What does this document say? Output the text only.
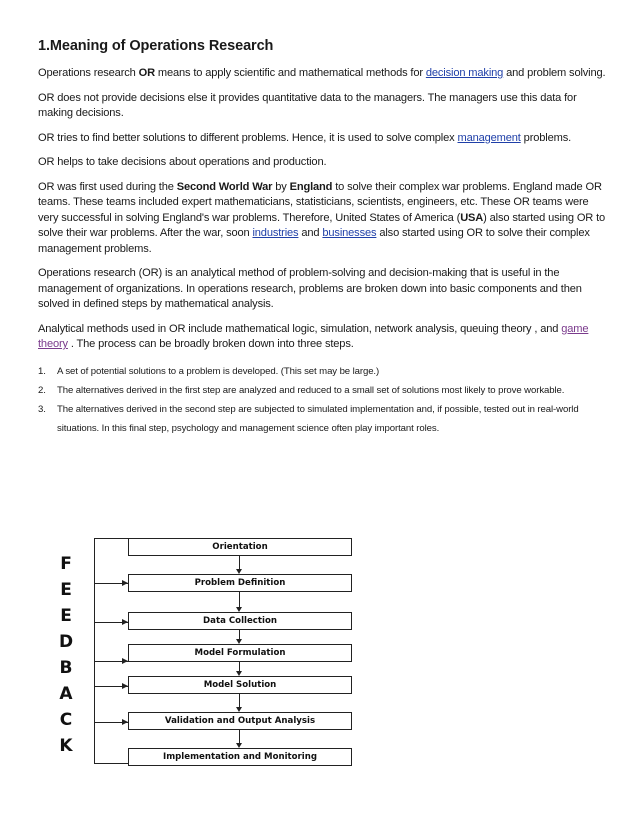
1.Meaning of Operations Research

Operations research OR means to apply scientific and mathematical methods for decision making and problem solving.

OR does not provide decisions else it provides quantitative data to the managers. The managers use this data for making decisions.

OR tries to find better solutions to different problems. Hence, it is used to solve complex management problems.

OR helps to take decisions about operations and production.

OR was first used during the Second World War by England to solve their complex war problems. England made OR teams. These teams included expert mathematicians, statisticians, scientists, engineers, etc. These OR teams were very successful in solving England's war problems. Therefore, United States of America (USA) also started using OR to solve their war problems. After the war, soon industries and businesses also started using OR to solve their complex management problems.

Operations research (OR) is an analytical method of problem-solving and decision-making that is useful in the management of organizations. In operations research, problems are broken down into basic components and then solved in defined steps by mathematical analysis.

Analytical methods used in OR include mathematical logic, simulation, network analysis, queuing theory , and game theory . The process can be broadly broken down into three steps.

1. A set of potential solutions to a problem is developed. (This set may be large.)
2. The alternatives derived in the first step are analyzed and reduced to a small set of solutions most likely to prove workable.
3. The alternatives derived in the second step are subjected to simulated implementation and, if possible, tested out in real-world situations. In this final step, psychology and management science often play important roles.
F
E
E
D
B
A
C
K
Orientation
Problem Definition
Data Collection
Model Formulation
Model Solution
Validation and Output Analysis
Implementation and Monitoring
